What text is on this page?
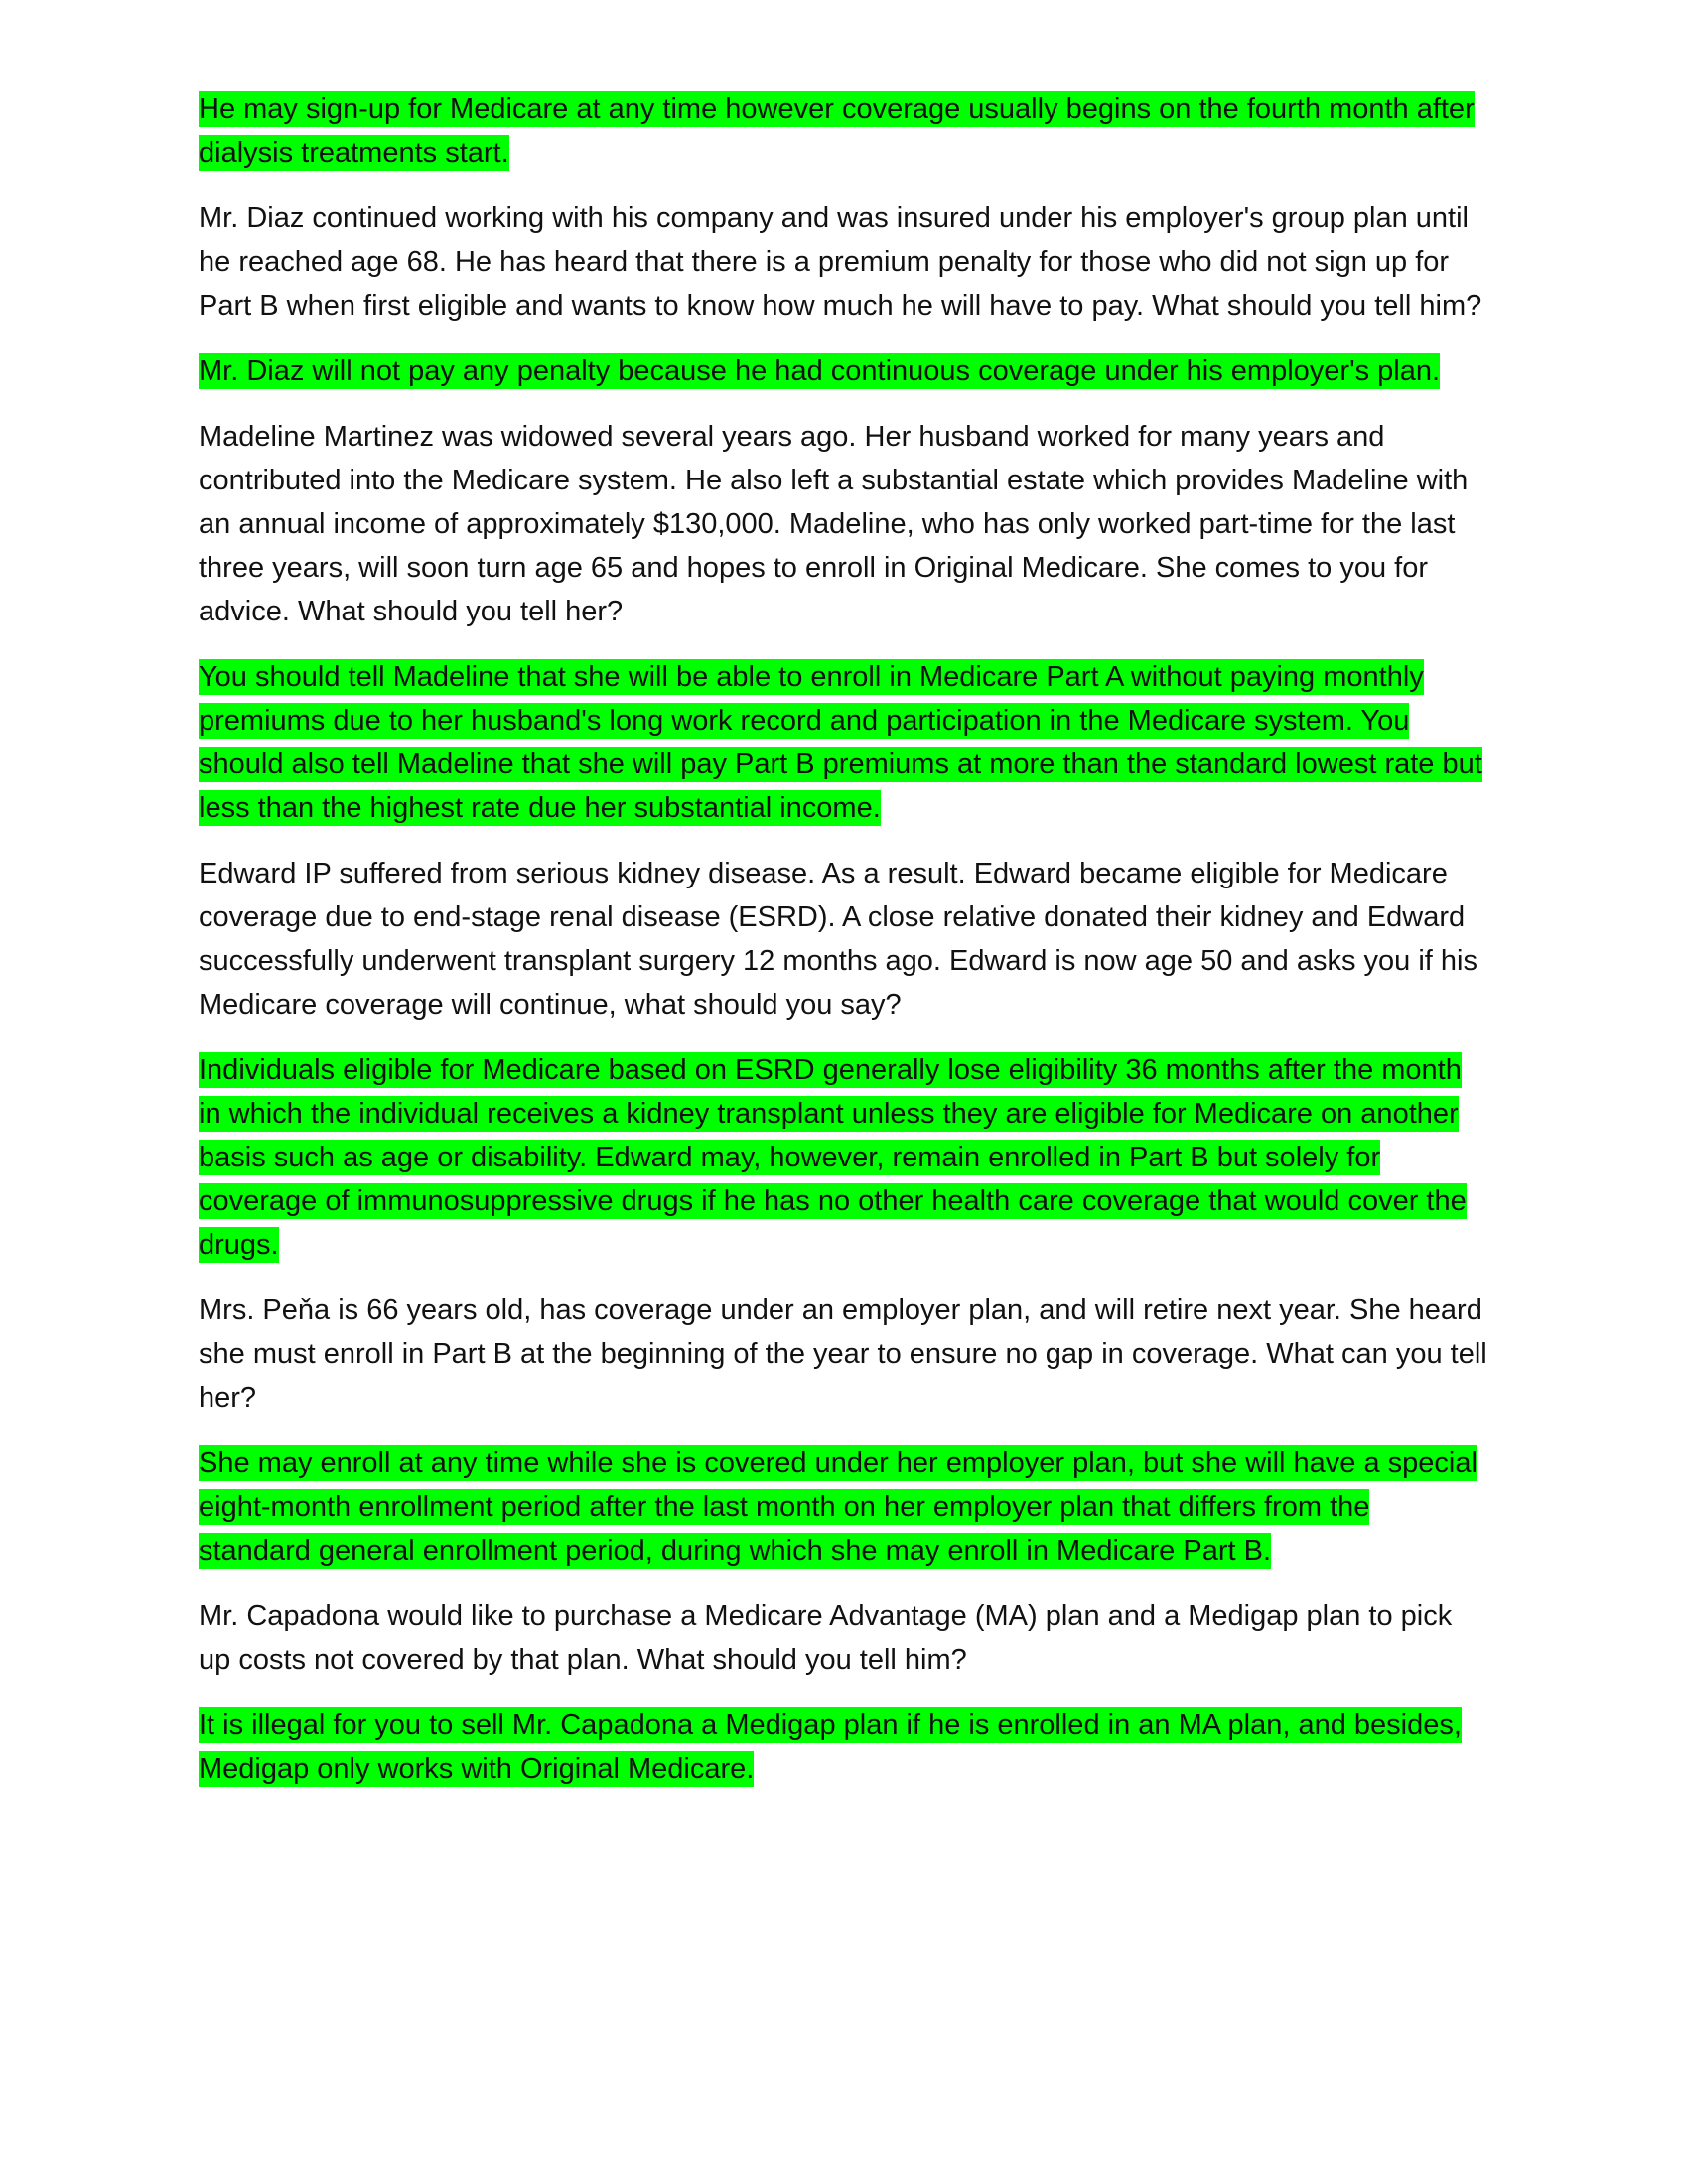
He may sign-up for Medicare at any time however coverage usually begins on the fourth month after dialysis treatments start.

Mr. Diaz continued working with his company and was insured under his employer's group plan until he reached age 68. He has heard that there is a premium penalty for those who did not sign up for Part B when first eligible and wants to know how much he will have to pay. What should you tell him?

Mr. Diaz will not pay any penalty because he had continuous coverage under his employer's plan.

Madeline Martinez was widowed several years ago. Her husband worked for many years and contributed into the Medicare system. He also left a substantial estate which provides Madeline with an annual income of approximately $130,000. Madeline, who has only worked part-time for the last three years, will soon turn age 65 and hopes to enroll in Original Medicare. She comes to you for advice. What should you tell her?

You should tell Madeline that she will be able to enroll in Medicare Part A without paying monthly premiums due to her husband's long work record and participation in the Medicare system. You should also tell Madeline that she will pay Part B premiums at more than the standard lowest rate but less than the highest rate due her substantial income.

Edward IP suffered from serious kidney disease. As a result. Edward became eligible for Medicare coverage due to end-stage renal disease (ESRD). A close relative donated their kidney and Edward successfully underwent transplant surgery 12 months ago. Edward is now age 50 and asks you if his Medicare coverage will continue, what should you say?

Individuals eligible for Medicare based on ESRD generally lose eligibility 36 months after the month in which the individual receives a kidney transplant unless they are eligible for Medicare on another basis such as age or disability. Edward may, however, remain enrolled in Part B but solely for coverage of immunosuppressive drugs if he has no other health care coverage that would cover the drugs.

Mrs. Peňa is 66 years old, has coverage under an employer plan, and will retire next year. She heard she must enroll in Part B at the beginning of the year to ensure no gap in coverage. What can you tell her?

She may enroll at any time while she is covered under her employer plan, but she will have a special eight-month enrollment period after the last month on her employer plan that differs from the standard general enrollment period, during which she may enroll in Medicare Part B.

Mr. Capadona would like to purchase a Medicare Advantage (MA) plan and a Medigap plan to pick up costs not covered by that plan. What should you tell him?

It is illegal for you to sell Mr. Capadona a Medigap plan if he is enrolled in an MA plan, and besides, Medigap only works with Original Medicare.
